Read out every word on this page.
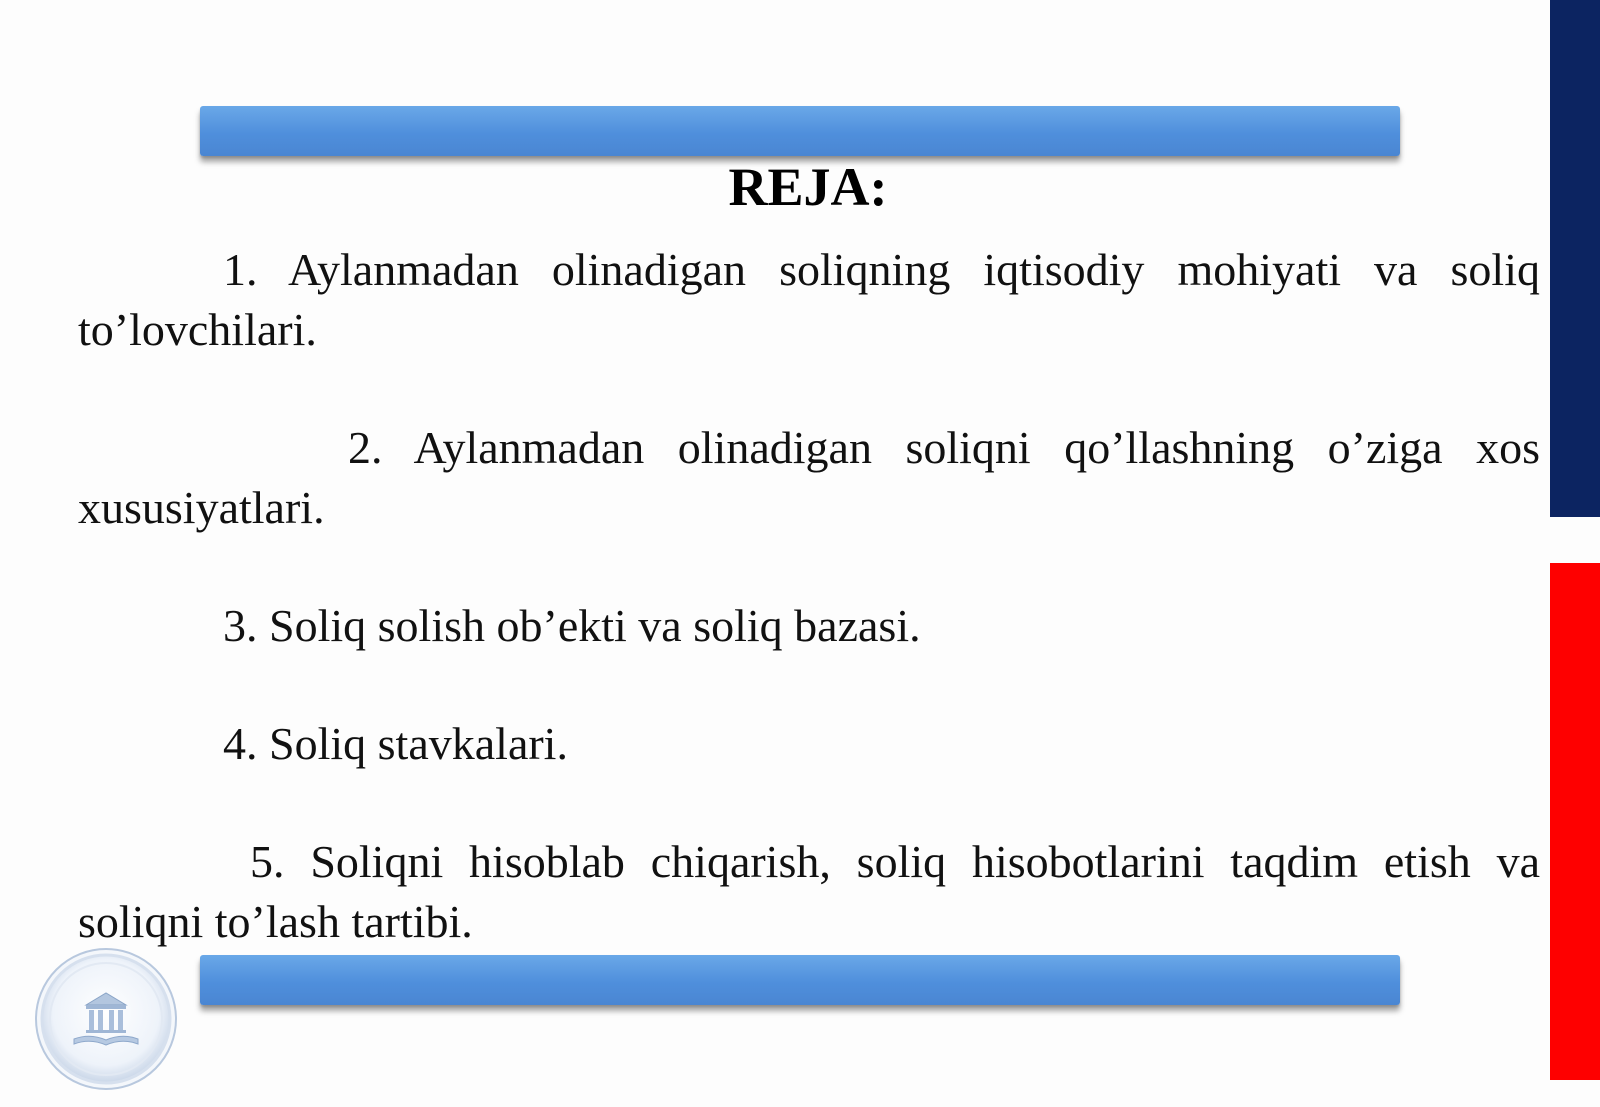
REJA:

1. Aylanmadan olinadigan soliqning iqtisodiy mohiyati va soliq to’lovchilari.

2. Aylanmadan olinadigan soliqni qo’llashning o’ziga xos xususiyatlari.

3. Soliq solish ob’ekti va soliq bazasi.

4. Soliq stavkalari.

5. Soliqni hisoblab chiqarish, soliq hisobotlarini taqdim etish va soliqni to’lash tartibi.
